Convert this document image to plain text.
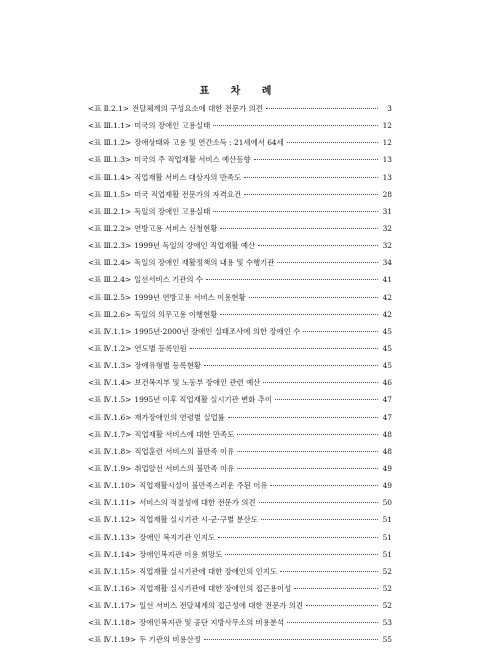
표 차 례
<표 Ⅱ.2.1> 전달체계의 구성요소에 대한 전문가 의견	3
<표 Ⅲ.1.1> 미국의 장애인 고용실태	12
<표 Ⅲ.1.2> 장애상태와 고용 및 연간소득 : 21세에서 64세	12
<표 Ⅲ.1.3> 미국의 주 직업재활 서비스 예산동향	13
<표 Ⅲ.1.4> 직업재활 서비스 대상자의 만족도	13
<표 Ⅲ.1.5> 미국 직업재활 전문가의 자격요건	28
<표 Ⅲ.2.1> 독일의 장애인 고용실태	31
<표 Ⅲ.2.2> 연방고용 서비스 신청현황	32
<표 Ⅲ.2.3> 1999년 독일의 장애인 직업재활 예산	32
<표 Ⅲ.2.4> 독일의 장애인 재활정책의 내용 및 수행기관	34
<표 Ⅲ.2.4> 일선서비스 기관의 수	41
<표 Ⅲ.2.5> 1999년 연방고용 서비스 이용현황	42
<표 Ⅲ.2.6> 독일의 의무고용 이행현황	42
<표 Ⅳ.1.1> 1995년·2000년 장애인 실태조사에 의한 장애인 수	45
<표 Ⅳ.1.2> 연도별 등록인원	45
<표 Ⅳ.1.3> 장애유형별 등록현황	45
<표 Ⅳ.1.4> 보건복지부 및 노동부 장애인 관련 예산	46
<표 Ⅳ.1.5> 1995년 이후 직업재활 실시기관 변화 추이	47
<표 Ⅳ.1.6> 재가장애인의 연령별 실업률	47
<표 Ⅳ.1.7> 직업재활 서비스에 대한 만족도	48
<표 Ⅳ.1.8> 직업훈련 서비스의 불만족 이유	48
<표 Ⅳ.1.9> 취업알선 서비스의 불만족 이유	49
<표 Ⅳ.1.10> 직업재활시설이 불만족스러운 주된 이유	49
<표 Ⅳ.1.11> 서비스의 적절성에 대한 전문가 의견	50
<표 Ⅳ.1.12> 직업재활 실시기관 시·군·구별 분산도	51
<표 Ⅳ.1.13> 장애인 복지기관 인지도	51
<표 Ⅳ.1.14> 장애인복지관 이용 희망도	51
<표 Ⅳ.1.15> 직업재활 실시기관에 대한 장애인의 인지도	52
<표 Ⅳ.1.16> 직업재활 실시기관에 대한 장애인의 접근용이성	52
<표 Ⅳ.1.17> 일선 서비스 전달체계의 접근성에 대한 전문가 의견	52
<표 Ⅳ.1.18> 장애인복지관 및 공단 지방사무소의 비용분석	53
<표 Ⅳ.1.19> 두 기관의 비용산정	55
